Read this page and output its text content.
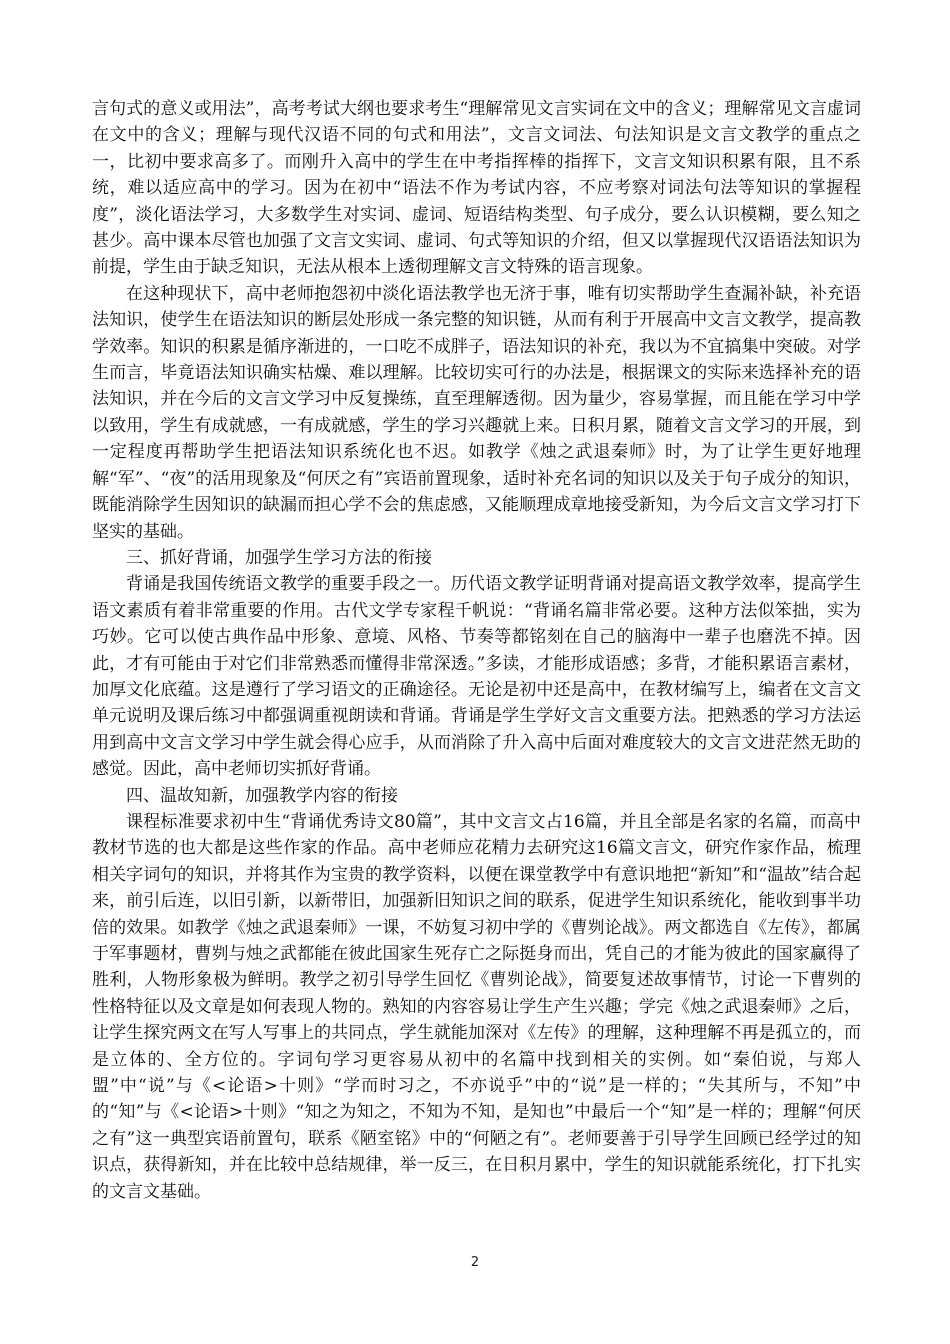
言句式的意义或用法”，高考考试大纲也要求考生“理解常见文言实词在文中的含义；理解常见文言虚词在文中的含义；理解与现代汉语不同的句式和用法”，文言文词法、句法知识是文言文教学的重点之一，比初中要求高多了。而刚升入高中的学生在中考指挥棒的指挥下，文言文知识积累有限，且不系统，难以适应高中的学习。因为在初中“语法不作为考试内容，不应考察对词法句法等知识的掌握程度”，淡化语法学习，大多数学生对实词、虚词、短语结构类型、句子成分，要么认识模糊，要么知之甚少。高中课本尽管也加强了文言文实词、虚词、句式等知识的介绍，但又以掌握现代汉语语法知识为前提，学生由于缺乏知识，无法从根本上透彻理解文言文特殊的语言现象。

在这种现状下，高中老师抱怨初中淡化语法教学也无济于事，唯有切实帮助学生查漏补缺，补充语法知识，使学生在语法知识的断层处形成一条完整的知识链，从而有利于开展高中文言文教学，提高教学效率。知识的积累是循序渐进的，一口吃不成胖子，语法知识的补充，我以为不宜搞集中突破。对学生而言，毕竟语法知识确实枯燥、难以理解。比较切实可行的办法是，根据课文的实际来选择补充的语法知识，并在今后的文言文学习中反复操练，直至理解透彻。因为量少，容易掌握，而且能在学习中学以致用，学生有成就感，一有成就感，学生的学习兴趣就上来。日积月累，随着文言文学习的开展，到一定程度再帮助学生把语法知识系统化也不迟。如教学《烛之武退秦师》时，为了让学生更好地理解“军”、“夜”的活用现象及“何厌之有”宾语前置现象，适时补充名词的知识以及关于句子成分的知识，既能消除学生因知识的缺漏而担心学不会的焦虑感，又能顺理成章地接受新知，为今后文言文学习打下坚实的基础。

三、抓好背诵，加强学生学习方法的衔接

背诵是我国传统语文教学的重要手段之一。历代语文教学证明背诵对提高语文教学效率，提高学生语文素质有着非常重要的作用。古代文学专家程千帆说：“背诵名篇非常必要。这种方法似笨拙，实为巧妙。它可以使古典作品中形象、意境、风格、节奏等都铭刻在自己的脑海中一辈子也磨洗不掉。因此，才有可能由于对它们非常熟悉而懂得非常深透。”多读，才能形成语感；多背，才能积累语言素材，加厚文化底蕴。这是遵行了学习语文的正确途径。无论是初中还是高中，在教材编写上，编者在文言文单元说明及课后练习中都强调重视朗读和背诵。背诵是学生学好文言文重要方法。把熟悉的学习方法运用到高中文言文学习中学生就会得心应手，从而消除了升入高中后面对难度较大的文言文进茫然无助的感觉。因此，高中老师切实抓好背诵。

四、温故知新，加强教学内容的衔接

课程标准要求初中生“背诵优秀诗文80篇”，其中文言文占16篇，并且全部是名家的名篇，而高中教材节选的也大都是这些作家的作品。高中老师应花精力去研究这16篇文言文，研究作家作品，梳理相关字词句的知识，并将其作为宝贵的教学资料，以便在课堂教学中有意识地把“新知”和“温故”结合起来，前引后连，以旧引新，以新带旧，加强新旧知识之间的联系，促进学生知识系统化，能收到事半功倍的效果。如教学《烛之武退秦师》一课，不妨复习初中学的《曹刿论战》。两文都选自《左传》，都属于军事题材，曹刿与烛之武都能在彼此国家生死存亡之际挺身而出，凭自己的才能为彼此的国家赢得了胜利，人物形象极为鲜明。教学之初引导学生回忆《曹刿论战》，简要复述故事情节，讨论一下曹刿的性格特征以及文章是如何表现人物的。熟知的内容容易让学生产生兴趣；学完《烛之武退秦师》之后，让学生探究两文在写人写事上的共同点，学生就能加深对《左传》的理解，这种理解不再是孤立的，而是立体的、全方位的。字词句学习更容易从初中的名篇中找到相关的实例。如“秦伯说，与郑人盟”中“说”与《<论语>十则》“学而时习之，不亦说乎”中的“说”是一样的；“失其所与，不知”中的“知”与《<论语>十则》“知之为知之，不知为不知，是知也”中最后一个“知”是一样的；理解“何厌之有”这一典型宾语前置句，联系《陋室铭》中的“何陋之有”。老师要善于引导学生回顾已经学过的知识点，获得新知，并在比较中总结规律，举一反三，在日积月累中，学生的知识就能系统化，打下扎实的文言文基础。

2
